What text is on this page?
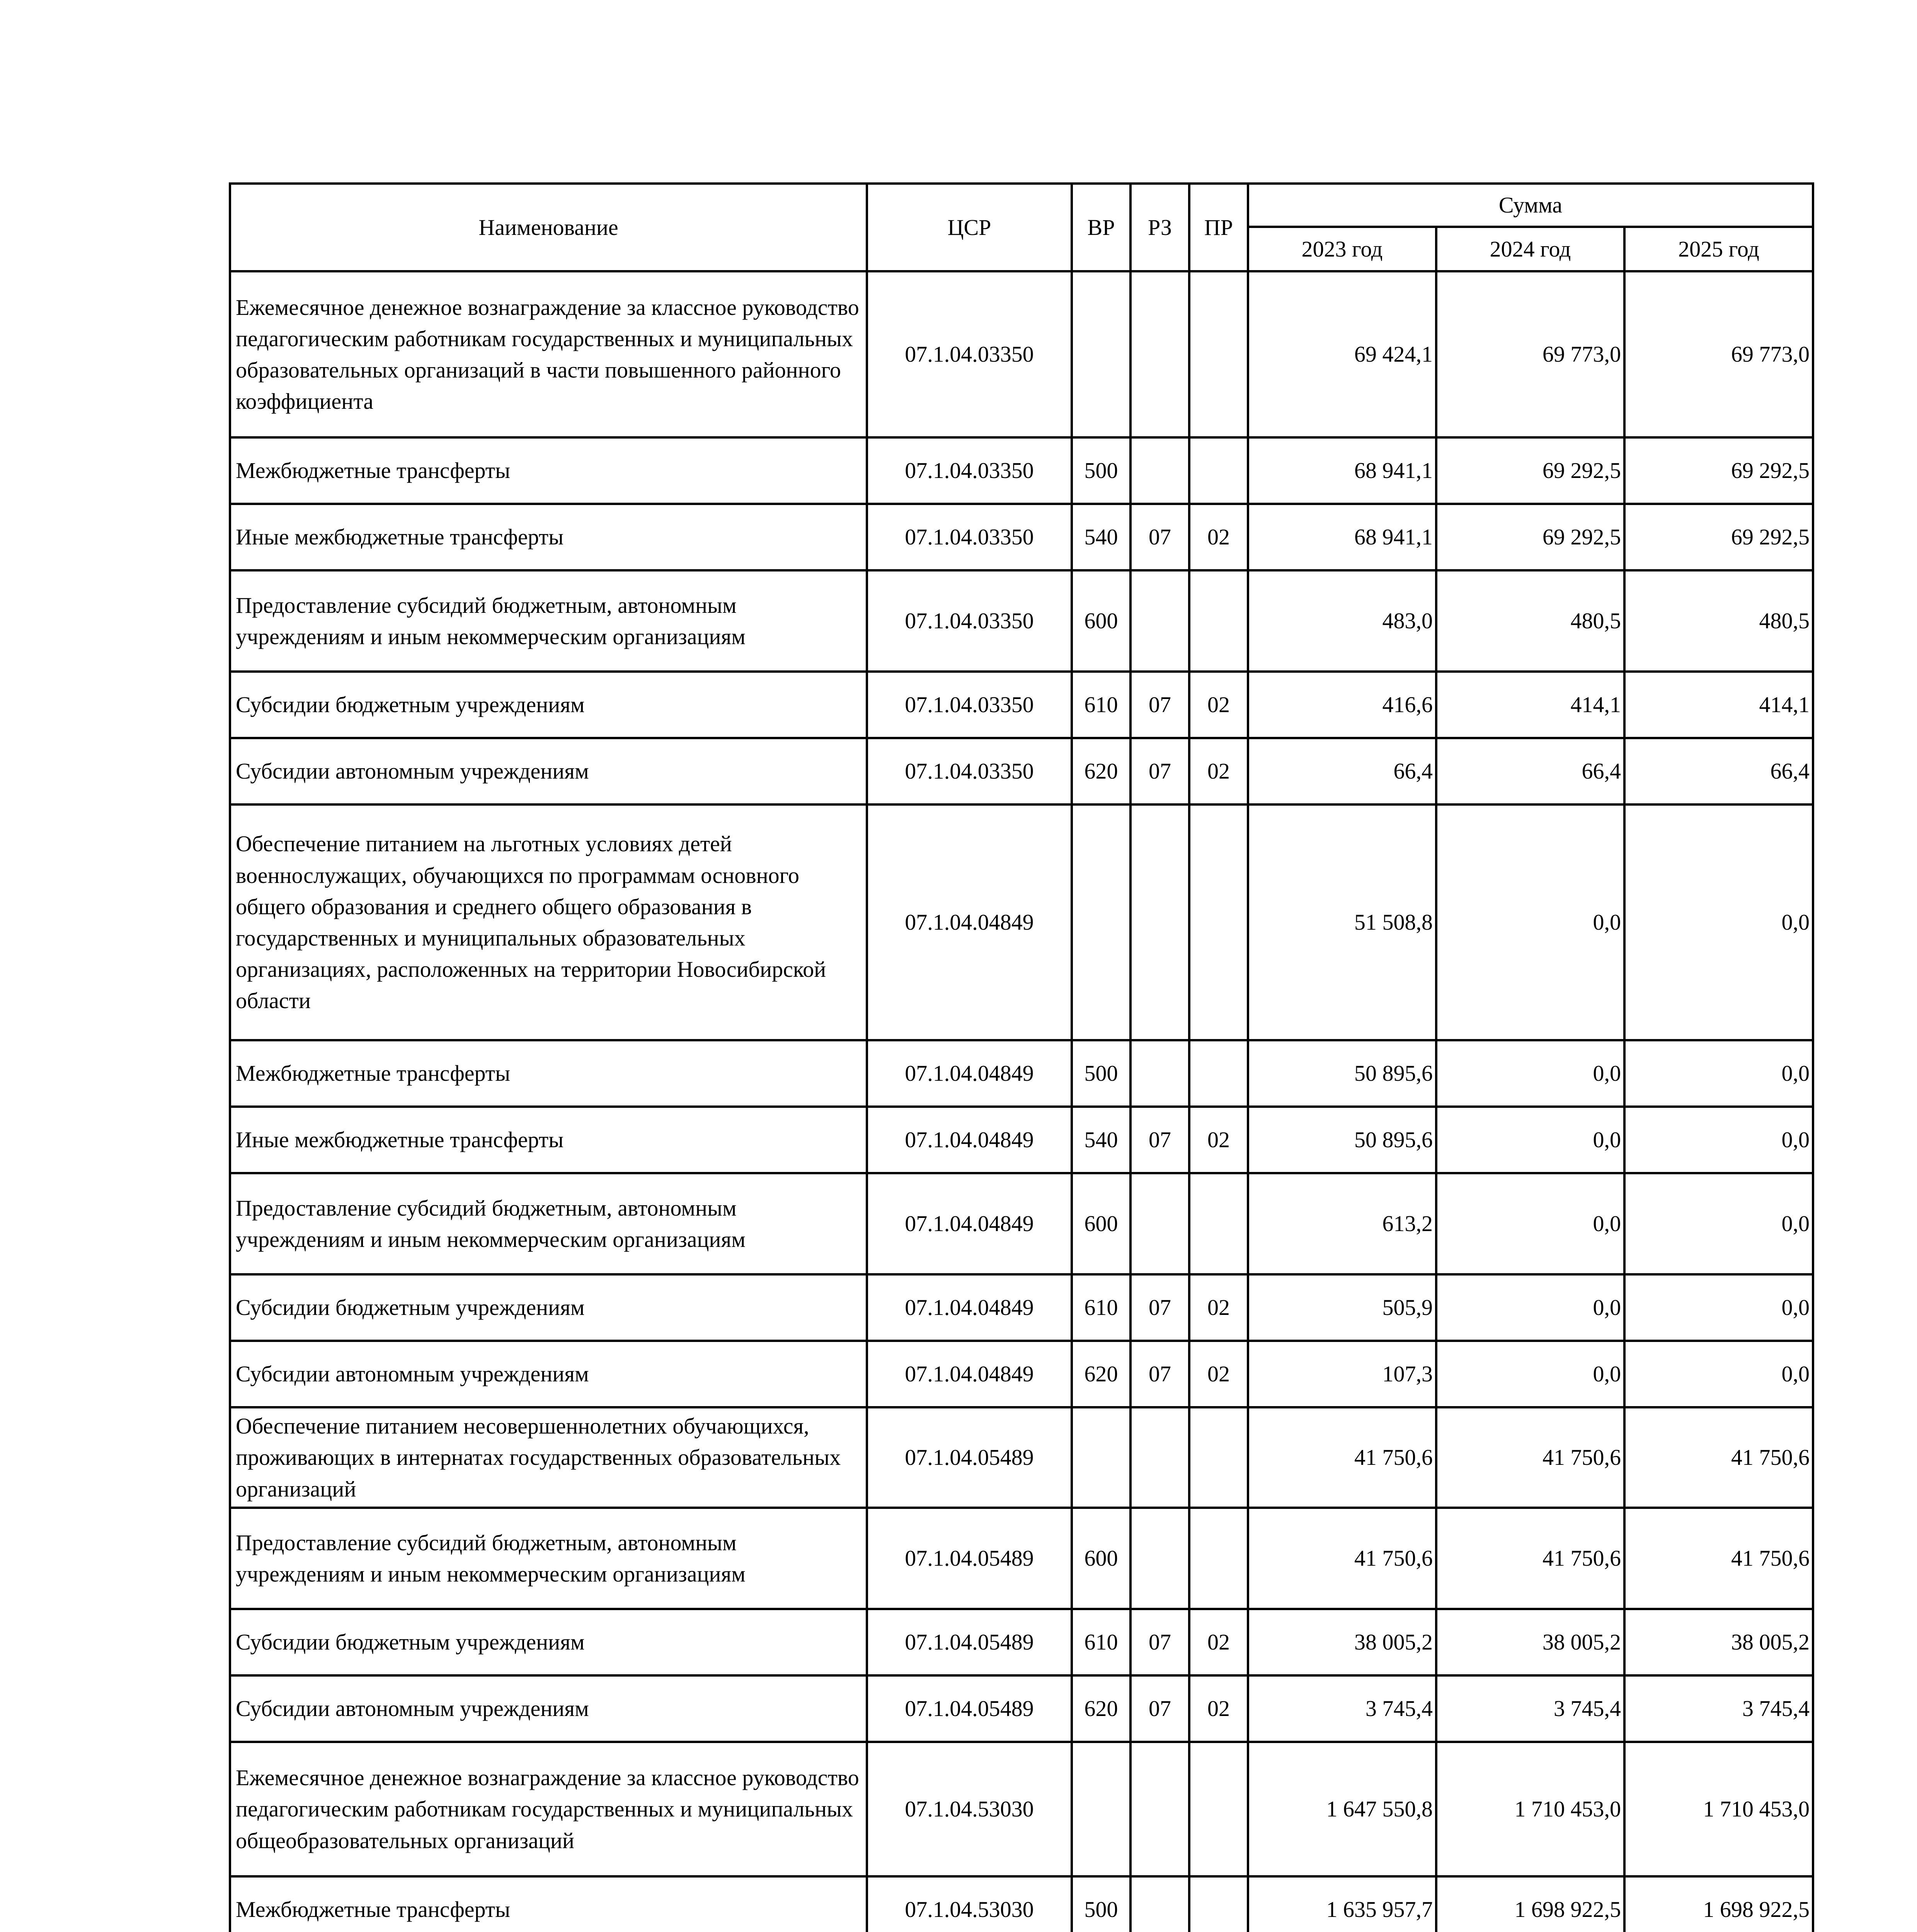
Наименование	ЦСР	ВР	РЗ	ПР	Сумма		
					2023 год	2024 год	2025 год
Ежемесячное денежное вознаграждение за классное руководство педагогическим работникам государственных и муниципальных образовательных организаций в части повышенного районного коэффициента	07.1.04.03350				69 424,1	69 773,0	69 773,0
Межбюджетные трансферты	07.1.04.03350	500			68 941,1	69 292,5	69 292,5
Иные межбюджетные трансферты	07.1.04.03350	540	07	02	68 941,1	69 292,5	69 292,5
Предоставление субсидий бюджетным, автономным учреждениям и иным некоммерческим организациям	07.1.04.03350	600			483,0	480,5	480,5
Субсидии бюджетным учреждениям	07.1.04.03350	610	07	02	416,6	414,1	414,1
Субсидии автономным учреждениям	07.1.04.03350	620	07	02	66,4	66,4	66,4
Обеспечение питанием на льготных условиях детей военнослужащих, обучающихся по программам основного общего образования и среднего общего образования в государственных и муниципальных образовательных организациях, расположенных на территории Новосибирской области	07.1.04.04849				51 508,8	0,0	0,0
Межбюджетные трансферты	07.1.04.04849	500			50 895,6	0,0	0,0
Иные межбюджетные трансферты	07.1.04.04849	540	07	02	50 895,6	0,0	0,0
Предоставление субсидий бюджетным, автономным учреждениям и иным некоммерческим организациям	07.1.04.04849	600			613,2	0,0	0,0
Субсидии бюджетным учреждениям	07.1.04.04849	610	07	02	505,9	0,0	0,0
Субсидии автономным учреждениям	07.1.04.04849	620	07	02	107,3	0,0	0,0
Обеспечение питанием несовершеннолетних обучающихся, проживающих в интернатах государственных образовательных организаций	07.1.04.05489				41 750,6	41 750,6	41 750,6
Предоставление субсидий бюджетным, автономным учреждениям и иным некоммерческим организациям	07.1.04.05489	600			41 750,6	41 750,6	41 750,6
Субсидии бюджетным учреждениям	07.1.04.05489	610	07	02	38 005,2	38 005,2	38 005,2
Субсидии автономным учреждениям	07.1.04.05489	620	07	02	3 745,4	3 745,4	3 745,4
Ежемесячное денежное вознаграждение за классное руководство педагогическим работникам государственных и муниципальных общеобразовательных организаций	07.1.04.53030				1 647 550,8	1 710 453,0	1 710 453,0
Межбюджетные трансферты	07.1.04.53030	500			1 635 957,7	1 698 922,5	1 698 922,5
